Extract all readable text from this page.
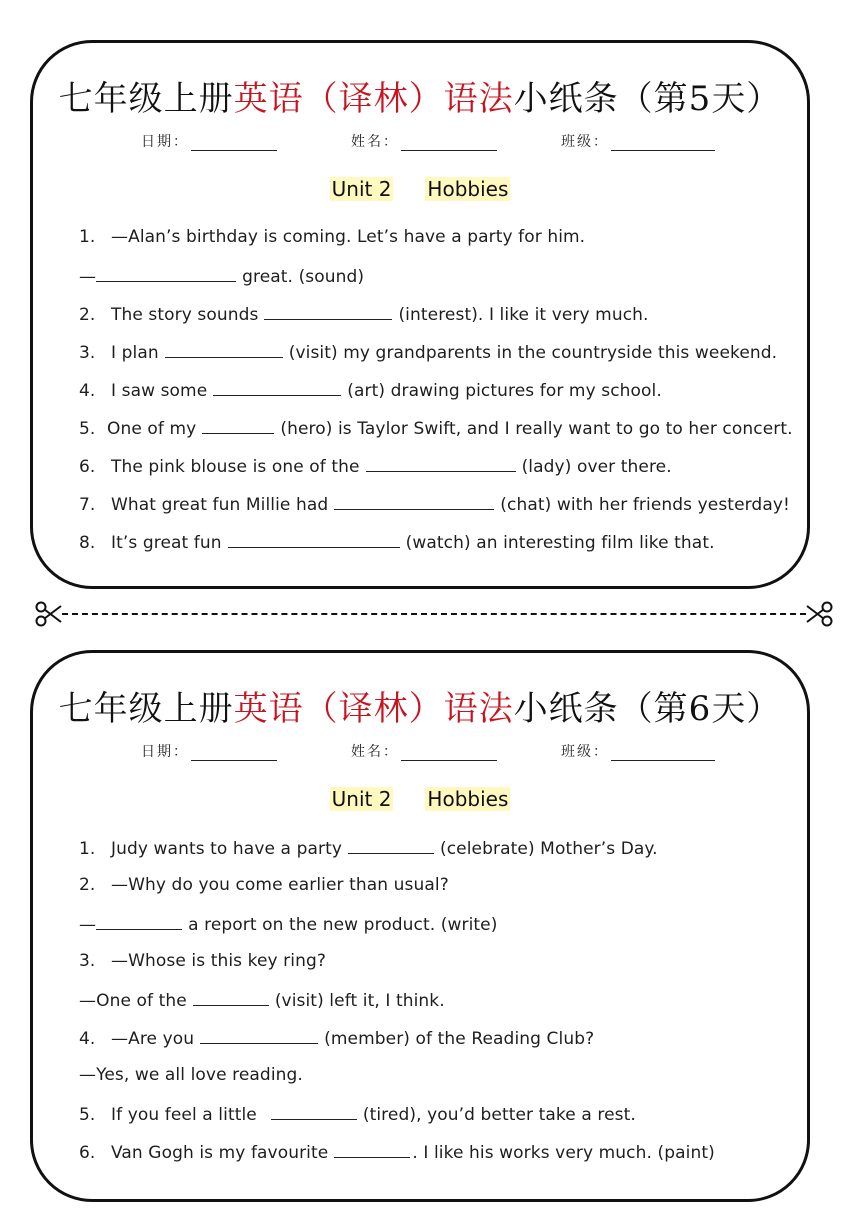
七年级上册英语（译林）语法小纸条（第5天）
日期：	姓名：	班级：
Unit 2 Hobbies
1. —Alan’s birthday is coming. Let’s have a party for him.
—	great. (sound)
2. The story sounds	(interest). I like it very much.
3. I plan	(visit) my grandparents in the countryside this weekend.
4. I saw some	(art) drawing pictures for my school.
5. One of my	(hero) is Taylor Swift, and I really want to go to her concert.
6. The pink blouse is one of the	(lady) over there.
7. What great fun Millie had	(chat) with her friends yesterday!
8. It’s great fun	(watch) an interesting film like that.
七年级上册英语（译林）语法小纸条（第6天）
日期：	姓名：	班级：
Unit 2 Hobbies
1. Judy wants to have a party	(celebrate) Mother’s Day.
2. —Why do you come earlier than usual?
—	a report on the new product. (write)
3. —Whose is this key ring?
—One of the	(visit) left it, I think.
4. —Are you	(member) of the Reading Club?
—Yes, we all love reading.
5. If you feel a little	(tired), you’d better take a rest.
6. Van Gogh is my favourite	. I like his works very much. (paint)
